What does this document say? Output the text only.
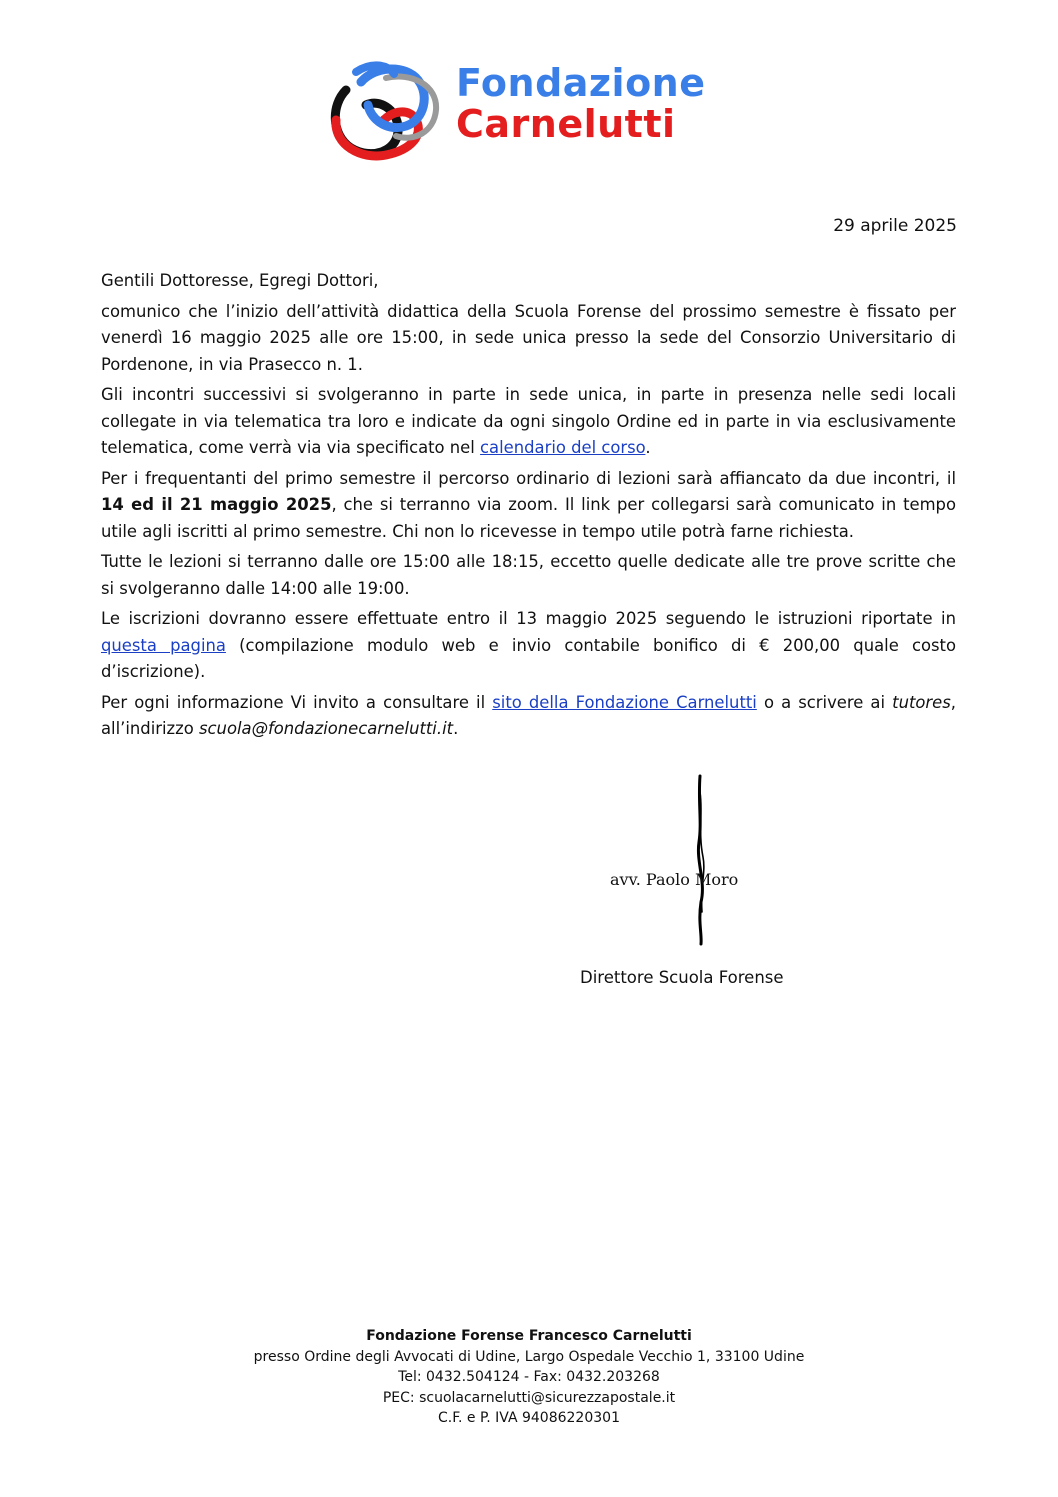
Fondazione
Carnelutti
29 aprile 2025

Gentili Dottoresse, Egregi Dottori,

comunico che l’inizio dell’attività didattica della Scuola Forense del prossimo semestre è fissato per venerdì 16 maggio 2025 alle ore 15:00, in sede unica presso la sede del Consorzio Universitario di Pordenone, in via Prasecco n. 1.

Gli incontri successivi si svolgeranno in parte in sede unica, in parte in presenza nelle sedi locali collegate in via telematica tra loro e indicate da ogni singolo Ordine ed in parte in via esclusivamente telematica, come verrà via via specificato nel calendario del corso.

Per i frequentanti del primo semestre il percorso ordinario di lezioni sarà affiancato da due incontri, il 14 ed il 21 maggio 2025, che si terranno via zoom. Il link per collegarsi sarà comunicato in tempo utile agli iscritti al primo semestre. Chi non lo ricevesse in tempo utile potrà farne richiesta.

Tutte le lezioni si terranno dalle ore 15:00 alle 18:15, eccetto quelle dedicate alle tre prove scritte che si svolgeranno dalle 14:00 alle 19:00.

Le iscrizioni dovranno essere effettuate entro il 13 maggio 2025 seguendo le istruzioni riportate in questa pagina (compilazione modulo web e invio contabile bonifico di € 200,00 quale costo d’iscrizione).

Per ogni informazione Vi invito a consultare il sito della Fondazione Carnelutti o a scrivere ai tutores, all’indirizzo scuola@fondazionecarnelutti.it.

avv. Paolo Moro
Direttore Scuola Forense
Fondazione Forense Francesco Carnelutti
presso Ordine degli Avvocati di Udine, Largo Ospedale Vecchio 1, 33100 Udine
Tel: 0432.504124 - Fax: 0432.203268
PEC: scuolacarnelutti@sicurezzapostale.it
C.F. e P. IVA 94086220301
